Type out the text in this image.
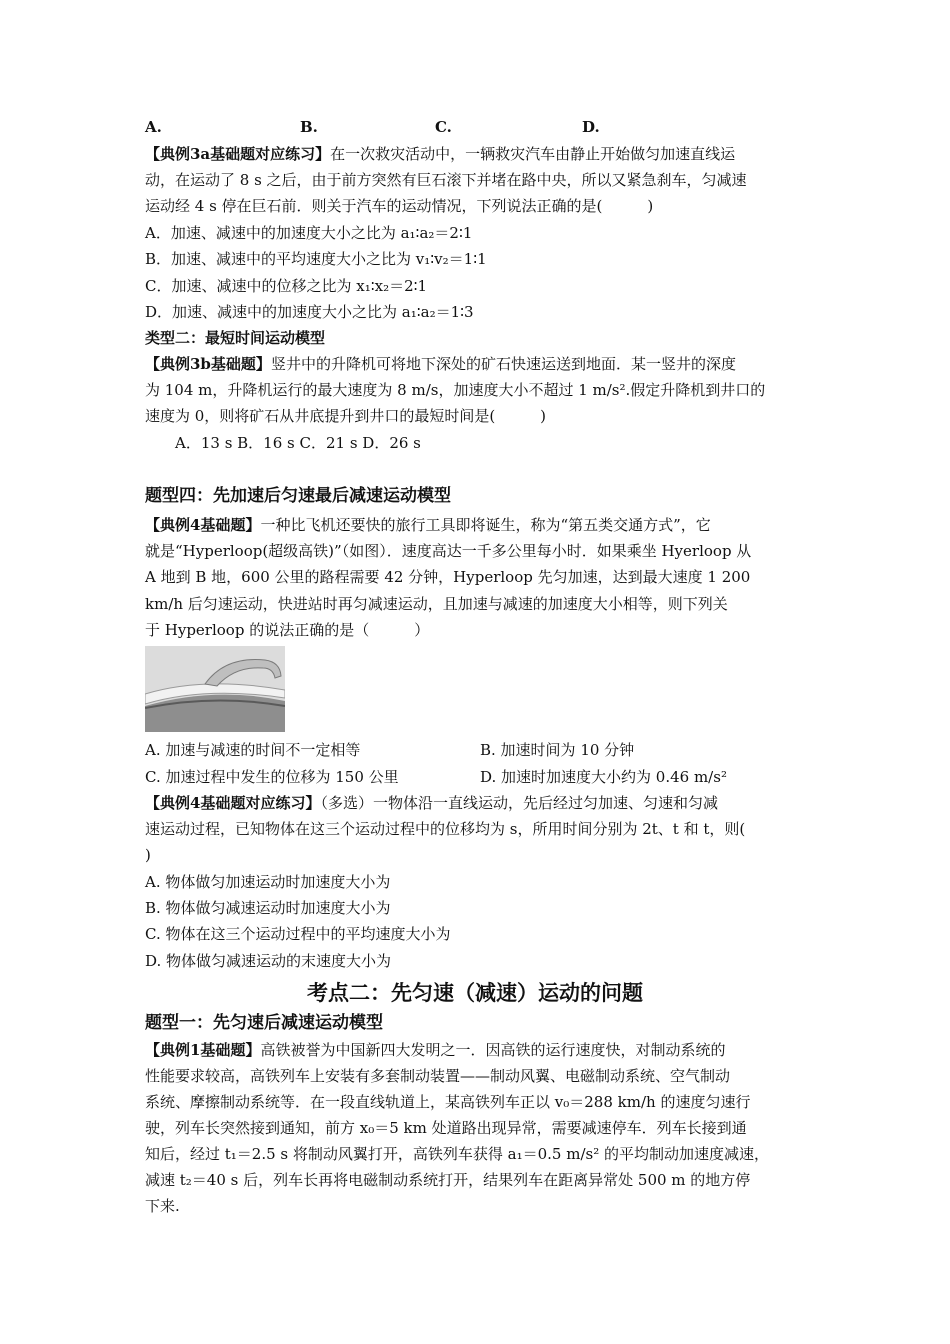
A.	B.	C.	D.
【典例3a基础题对应练习】在一次救灾活动中，一辆救灾汽车由静止开始做匀加速直线运
动，在运动了 8 s 之后，由于前方突然有巨石滚下并堵在路中央，所以又紧急刹车，匀减速
运动经 4 s 停在巨石前．则关于汽车的运动情况，下列说法正确的是(　　　)
A．加速、减速中的加速度大小之比为 a₁∶a₂＝2∶1
B．加速、减速中的平均速度大小之比为 v₁∶v₂＝1∶1
C．加速、减速中的位移之比为 x₁∶x₂＝2∶1
D．加速、减速中的加速度大小之比为 a₁∶a₂＝1∶3
类型二：最短时间运动模型
【典例3b基础题】竖井中的升降机可将地下深处的矿石快速运送到地面．某一竖井的深度
为 104 m，升降机运行的最大速度为 8 m/s，加速度大小不超过 1 m/s².假定升降机到井口的
速度为 0，则将矿石从井底提升到井口的最短时间是(　　　)
A．13 s B．16 s C．21 s D．26 s
题型四：先加速后匀速最后减速运动模型
【典例4基础题】一种比飞机还要快的旅行工具即将诞生，称为“第五类交通方式”，它
就是“Hyperloop(超级高铁)”（如图）．速度高达一千多公里每小时．如果乘坐 Hyerloop 从
A 地到 B 地，600 公里的路程需要 42 分钟，Hyperloop 先匀加速，达到最大速度 1 200
km/h 后匀速运动，快进站时再匀减速运动，且加速与减速的加速度大小相等，则下列关
于 Hyperloop 的说法正确的是（　　　）
A. 加速与减速的时间不一定相等	B. 加速时间为 10 分钟
C. 加速过程中发生的位移为 150 公里	D. 加速时加速度大小约为 0.46 m/s²
【典例4基础题对应练习】（多选）一物体沿一直线运动，先后经过匀加速、匀速和匀减
速运动过程，已知物体在这三个运动过程中的位移均为 s，所用时间分别为 2t、t 和 t，则(
)
A. 物体做匀加速运动时加速度大小为
B. 物体做匀减速运动时加速度大小为
C. 物体在这三个运动过程中的平均速度大小为
D. 物体做匀减速运动的末速度大小为
考点二：先匀速（减速）运动的问题
题型一：先匀速后减速运动模型
【典例1基础题】高铁被誉为中国新四大发明之一．因高铁的运行速度快，对制动系统的
性能要求较高，高铁列车上安装有多套制动装置——制动风翼、电磁制动系统、空气制动
系统、摩擦制动系统等．在一段直线轨道上，某高铁列车正以 v₀＝288 km/h 的速度匀速行
驶，列车长突然接到通知，前方 x₀＝5 km 处道路出现异常，需要减速停车．列车长接到通
知后，经过 t₁＝2.5 s 将制动风翼打开，高铁列车获得 a₁＝0.5 m/s² 的平均制动加速度减速，
减速 t₂＝40 s 后，列车长再将电磁制动系统打开，结果列车在距离异常处 500 m 的地方停
下来.
